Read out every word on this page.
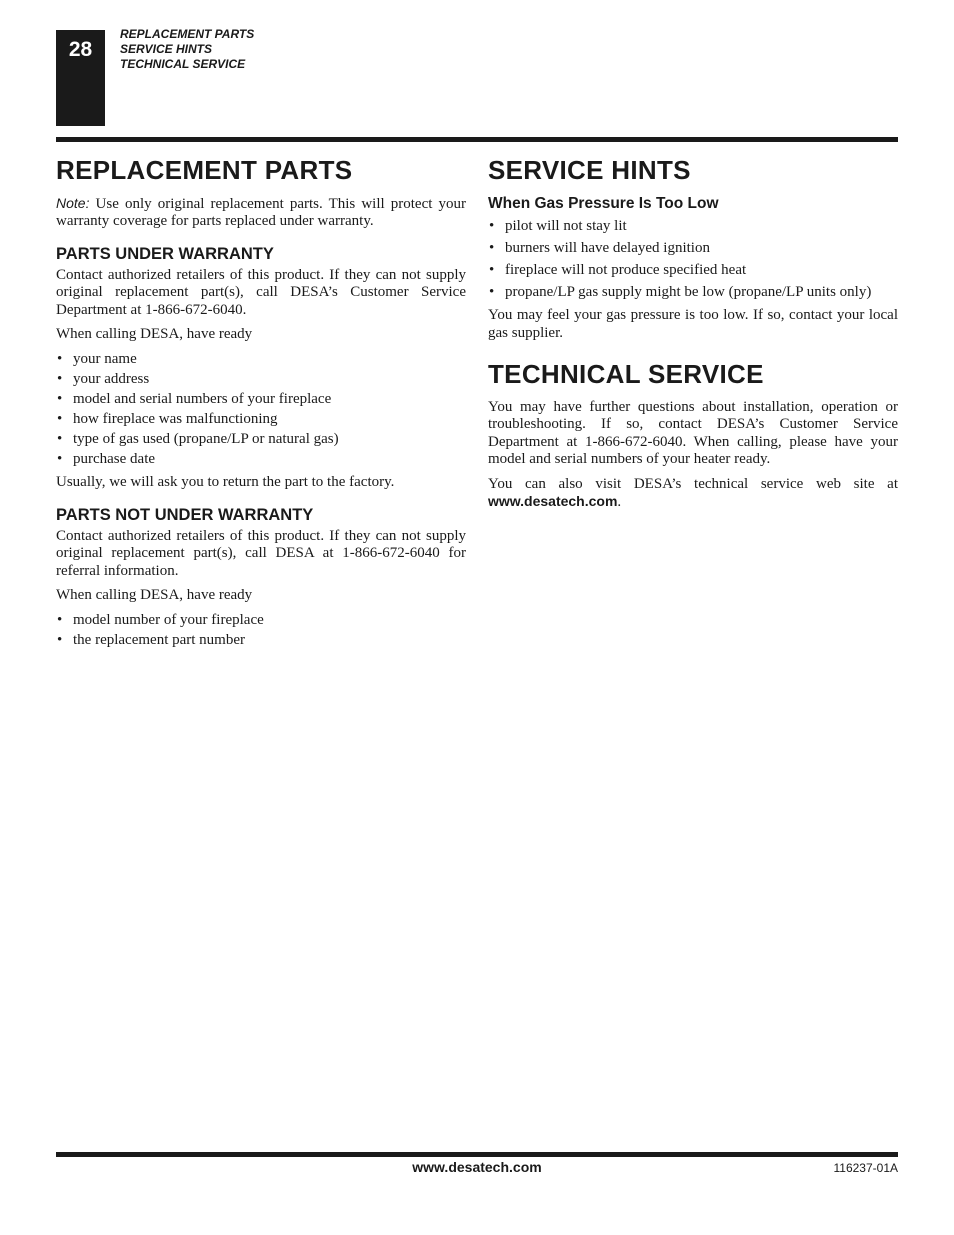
28
REPLACEMENT PARTS
SERVICE HINTS
TECHNICAL SERVICE
REPLACEMENT PARTS

Note: Use only original replacement parts. This will protect your warranty coverage for parts replaced under warranty.

PARTS UNDER WARRANTY

Contact authorized retailers of this product. If they can not supply original replacement part(s), call DESA’s Customer Service Department at 1-866-672-6040.

When calling DESA, have ready

• your name
• your address
• model and serial numbers of your fireplace
• how fireplace was malfunctioning
• type of gas used (propane/LP or natural gas)
• purchase date

Usually, we will ask you to return the part to the factory.

PARTS NOT UNDER WARRANTY

Contact authorized retailers of this product. If they can not supply original replacement part(s), call DESA at 1-866-672-6040 for referral information.

When calling DESA, have ready

• model number of your fireplace
• the replacement part number
SERVICE HINTS
When Gas Pressure Is Too Low
• pilot will not stay lit
• burners will have delayed ignition
• fireplace will not produce specified heat
• propane/LP gas supply might be low (propane/LP units only)

You may feel your gas pressure is too low. If so, contact your local gas supplier.

TECHNICAL SERVICE

You may have further questions about installation, operation or troubleshooting. If so, contact DESA’s Customer Service Department at 1-866-672-6040. When calling, please have your model and serial numbers of your heater ready.

You can also visit DESA’s technical service web site at www.desatech.com.

www.desatech.com	116237-01A
